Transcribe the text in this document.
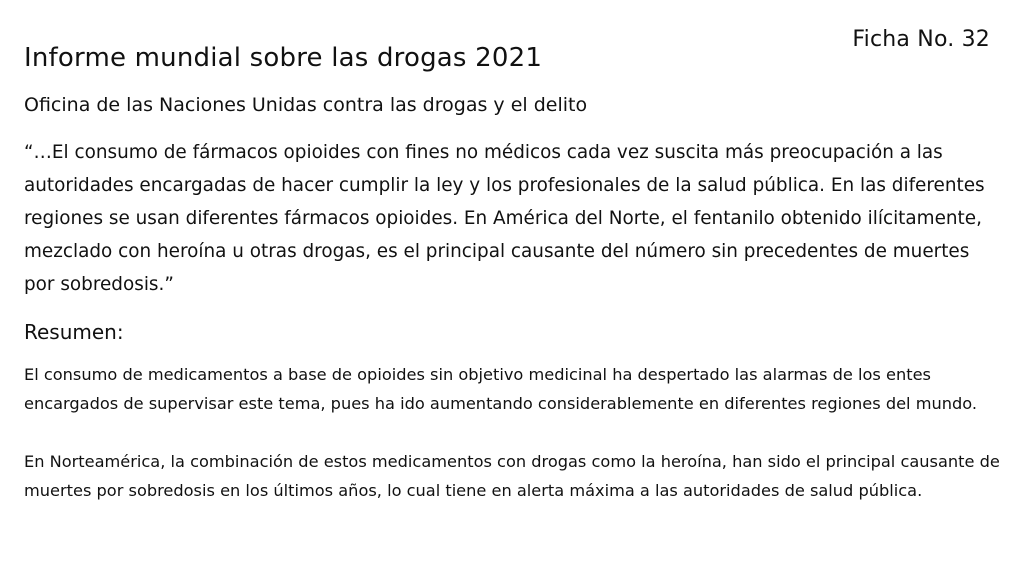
Ficha No. 32
Informe mundial sobre las drogas 2021
Oficina de las Naciones Unidas contra las drogas y el delito
“…El consumo de fármacos opioides con fines no médicos cada vez suscita más preocupación a las autoridades encargadas de hacer cumplir la ley y los profesionales de la salud pública. En las diferentes regiones se usan diferentes fármacos opioides. En América del Norte, el fentanilo obtenido ilícitamente, mezclado con heroína u otras drogas, es el principal causante del número sin precedentes de muertes por sobredosis.”
Resumen:

El consumo de medicamentos a base de opioides sin objetivo medicinal ha despertado las alarmas de los entes encargados de supervisar este tema, pues ha ido aumentando considerablemente en diferentes regiones del mundo.

En Norteamérica, la combinación de estos medicamentos con drogas como la heroína, han sido el principal causante de muertes por sobredosis en los últimos años, lo cual tiene en alerta máxima a las autoridades de salud pública.
